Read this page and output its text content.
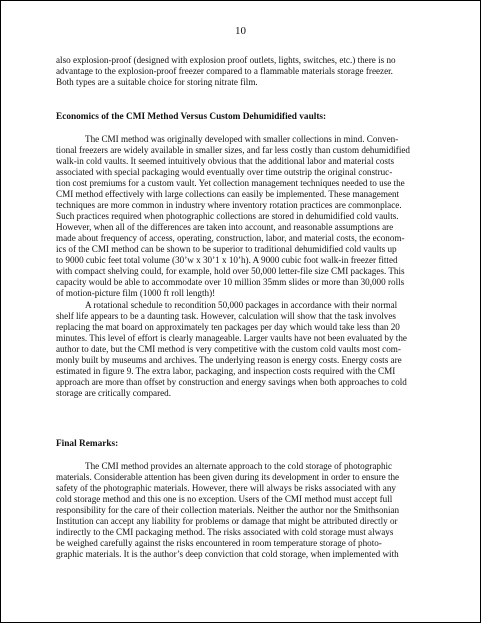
10
also explosion-proof (designed with explosion proof outlets, lights, switches, etc.) there is no
advantage to the explosion-proof freezer compared to a flammable materials storage freezer.
Both types are a suitable choice for storing nitrate film.
Economics of the CMI Method Versus Custom Dehumidified vaults:
The CMI method was originally developed with smaller collections in mind. Conven-
tional freezers are widely available in smaller sizes, and far less costly than custom dehumidified
walk-in cold vaults. It seemed intuitively obvious that the additional labor and material costs
associated with special packaging would eventually over time outstrip the original construc-
tion cost premiums for a custom vault. Yet collection management techniques needed to use the
CMI method effectively with large collections can easily be implemented. These management
techniques are more common in industry where inventory rotation practices are commonplace.
Such practices required when photographic collections are stored in dehumidified cold vaults.
However, when all of the differences are taken into account, and reasonable assumptions are
made about frequency of access, operating, construction, labor, and material costs, the econom-
ics of the CMI method can be shown to be superior to traditional dehumidified cold vaults up
to 9000 cubic feet total volume (30’w x 30’1 x 10’h). A 9000 cubic foot walk-in freezer fitted
with compact shelving could, for example, hold over 50,000 letter-file size CMI packages. This
capacity would be able to accommodate over 10 million 35mm slides or more than 30,000 rolls
of motion-picture film (1000 ft roll length)!
A rotational schedule to recondition 50,000 packages in accordance with their normal
shelf life appears to be a daunting task. However, calculation will show that the task involves
replacing the mat board on approximately ten packages per day which would take less than 20
minutes. This level of effort is clearly manageable. Larger vaults have not been evaluated by the
author to date, but the CMI method is very competitive with the custom cold vaults most com-
monly built by museums and archives. The underlying reason is energy costs. Energy costs are
estimated in figure 9. The extra labor, packaging, and inspection costs required with the CMI
approach are more than offset by construction and energy savings when both approaches to cold
storage are critically compared.
Final Remarks:
The CMI method provides an alternate approach to the cold storage of photographic
materials. Considerable attention has been given during its development in order to ensure the
safety of the photographic materials. However, there will always be risks associated with any
cold storage method and this one is no exception. Users of the CMI method must accept full
responsibility for the care of their collection materials. Neither the author nor the Smithsonian
Institution can accept any liability for problems or damage that might be attributed directly or
indirectly to the CMI packaging method. The risks associated with cold storage must always
be weighed carefully against the risks encountered in room temperature storage of photo-
graphic materials. It is the author’s deep conviction that cold storage, when implemented with
